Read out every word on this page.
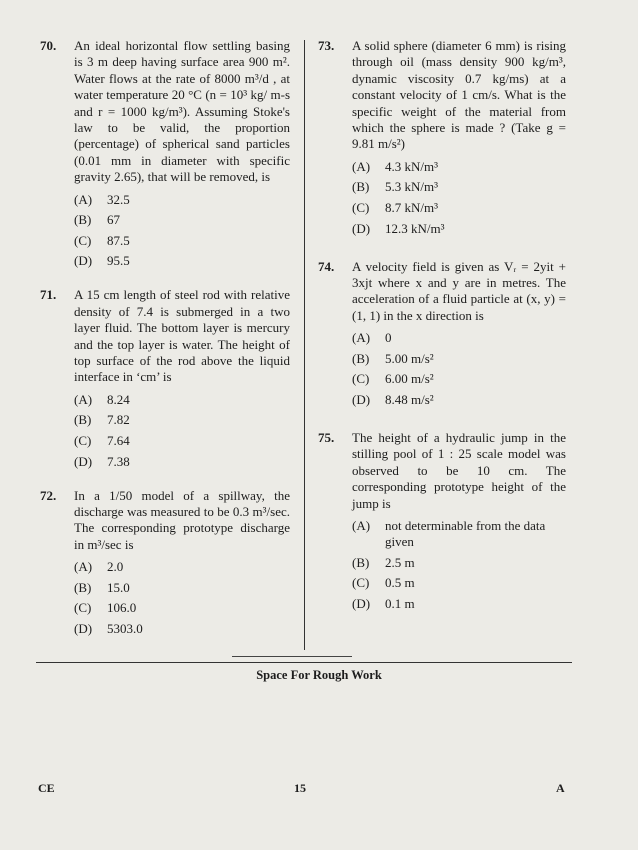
70. An ideal horizontal flow settling basing is 3 m deep having surface area 900 m². Water flows at the rate of 8000 m³/d , at water temperature 20 °C (n = 10³ kg/ m-s and r = 1000 kg/m³). Assuming Stoke's law to be valid, the proportion (percentage) of spherical sand particles (0.01 mm in diameter with specific gravity 2.65), that will be removed, is
(A)	32.5
(B)	67
(C)	87.5
(D)	95.5
71. A 15 cm length of steel rod with relative density of 7.4 is submerged in a two layer fluid. The bottom layer is mercury and the top layer is water. The height of top surface of the rod above the liquid interface in ‘cm’ is
(A)	8.24
(B)	7.82
(C)	7.64
(D)	7.38
72. In a 1/50 model of a spillway, the discharge was measured to be 0.3 m³/sec. The corresponding prototype discharge in m³/sec is
(A)	2.0
(B)	15.0
(C)	106.0
(D)	5303.0
73. A solid sphere (diameter 6 mm) is rising through oil (mass density 900 kg/m³, dynamic viscosity 0.7 kg/ms) at a constant velocity of 1 cm/s. What is the specific weight of the material from which the sphere is made ? (Take g = 9.81 m/s²)
(A)	4.3 kN/m³
(B)	5.3 kN/m³
(C)	8.7 kN/m³
(D)	12.3 kN/m³
74. A velocity field is given as Vᵣ = 2yit + 3xjt where x and y are in metres. The acceleration of a fluid particle at (x, y) = (1, 1) in the x direction is
(A)	0
(B)	5.00 m/s²
(C)	6.00 m/s²
(D)	8.48 m/s²
75. The height of a hydraulic jump in the stilling pool of 1 : 25 scale model was observed to be 10 cm. The corresponding prototype height of the jump is
(A)	not determinable from the data given
(B)	2.5 m
(C)	0.5 m
(D)	0.1 m
Space For Rough Work
CE	15	A
